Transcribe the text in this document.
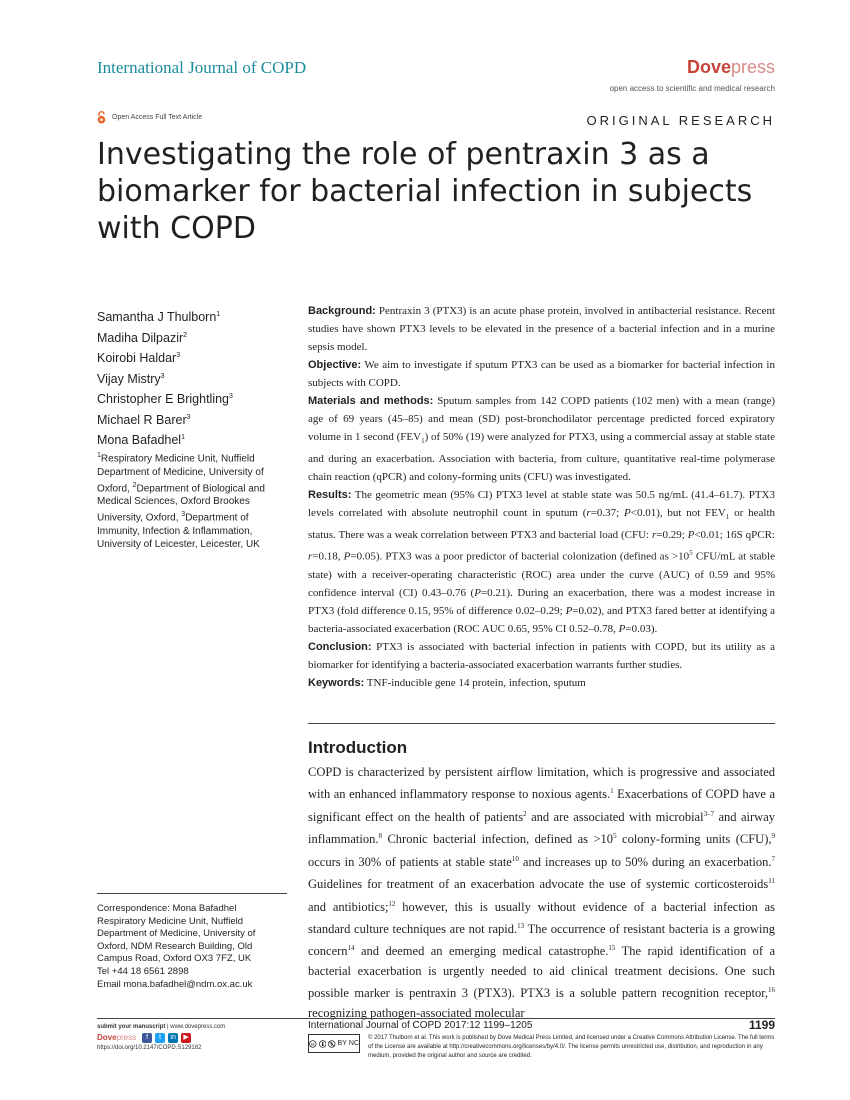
International Journal of COPD	Dovepress
open access to scientific and medical research
Open Access Full Text Article	ORIGINAL RESEARCH
Investigating the role of pentraxin 3 as a biomarker for bacterial infection in subjects with COPD
Samantha J Thulborn$^1$
Madiha Dilpazir$^2$
Koirobi Haldar$^3$
Vijay Mistry$^3$
Christopher E Brightling$^3$
Michael R Barer$^3$
Mona Bafadhel$^1$
$^1$Respiratory Medicine Unit, Nuffield Department of Medicine, University of Oxford, $^2$Department of Biological and Medical Sciences, Oxford Brookes University, Oxford, $^3$Department of Immunity, Infection & Inflammation, University of Leicester, Leicester, UK
Correspondence: Mona Bafadhel
Respiratory Medicine Unit, Nuffield
Department of Medicine, University of
Oxford, NDM Research Building, Old
Campus Road, Oxford OX3 7FZ, UK
Tel +44 18 6561 2898
Email mona.bafadhel@ndm.ox.ac.uk

Background: Pentraxin 3 (PTX3) is an acute phase protein, involved in antibacterial resistance. Recent studies have shown PTX3 levels to be elevated in the presence of a bacterial infection and in a murine sepsis model.

Objective: We aim to investigate if sputum PTX3 can be used as a biomarker for bacterial infection in subjects with COPD.

Materials and methods: Sputum samples from 142 COPD patients (102 men) with a mean (range) age of 69 years (45–85) and mean (SD) post-bronchodilator percentage predicted forced expiratory volume in 1 second $(FEV_1)$ of 50% (19) were analyzed for PTX3, using a commercial assay at stable state and during an exacerbation. Association with bacteria, from culture, quantitative real-time polymerase chain reaction (qPCR) and colony-forming units (CFU) was investigated.

Results: The geometric mean (95% CI) PTX3 level at stable state was 50.5 ng/mL (41.4–61.7). PTX3 levels correlated with absolute neutrophil count in sputum (r=0.37; P<0.01), but not $FEV_1$ or health status. There was a weak correlation between PTX3 and bacterial load (CFU: r=0.29; P<0.01; 16S qPCR: r=0.18, P=0.05). PTX3 was a poor predictor of bacterial colonization (defined as $>10^5$ CFU/mL at stable state) with a receiver-operating characteristic (ROC) area under the curve (AUC) of 0.59 and 95% confidence interval (CI) 0.43–0.76 (P=0.21). During an exacerbation, there was a modest increase in PTX3 (fold difference 0.15, 95% of difference 0.02–0.29; P=0.02), and PTX3 fared better at identifying a bacteria-associated exacerbation (ROC AUC 0.65, 95% CI 0.52–0.78, P=0.03).

Conclusion: PTX3 is associated with bacterial infection in patients with COPD, but its utility as a biomarker for identifying a bacteria-associated exacerbation warrants further studies.

Keywords: TNF-inducible gene 14 protein, infection, sputum

Introduction
COPD is characterized by persistent airflow limitation, which is progressive and associated with an enhanced inflammatory response to noxious agents.$^1$ Exacerbations of COPD have a significant effect on the health of patients$^2$ and are associated with microbial$^{3-7}$ and airway inflammation.$^8$ Chronic bacterial infection, defined as $>10^5$ colony-forming units (CFU),$^9$ occurs in 30% of patients at stable state$^{10}$ and increases up to 50% during an exacerbation.$^7$ Guidelines for treatment of an exacerbation advocate the use of systemic corticosteroids$^{11}$ and antibiotics;$^{12}$ however, this is usually without evidence of a bacterial infection as standard culture techniques are not rapid.$^{13}$ The occurrence of resistant bacteria is a growing concern$^{14}$ and deemed an emerging medical catastrophe.$^{15}$ The rapid identification of a bacterial exacerbation is urgently needed to aid clinical treatment decisions. One such possible marker is pentraxin 3 (PTX3). PTX3 is a soluble pattern recognition receptor,$^{16}$ recognizing pathogen-associated molecular
submit your manuscript | www.dovepress.com
Dovepress	f	t	in	▶
https://doi.org/10.2147/COPD.S129182
International Journal of COPD 2017:12 1199–1205	1199
cc	BY NC
© 2017 Thulborn et al. This work is published by Dove Medical Press Limited, and licensed under a Creative Commons Attribution License. The full terms of the License are available at http://creativecommons.org/licenses/by/4.0/. The license permits unrestricted use, distribution, and reproduction in any medium, provided the original author and source are credited.
